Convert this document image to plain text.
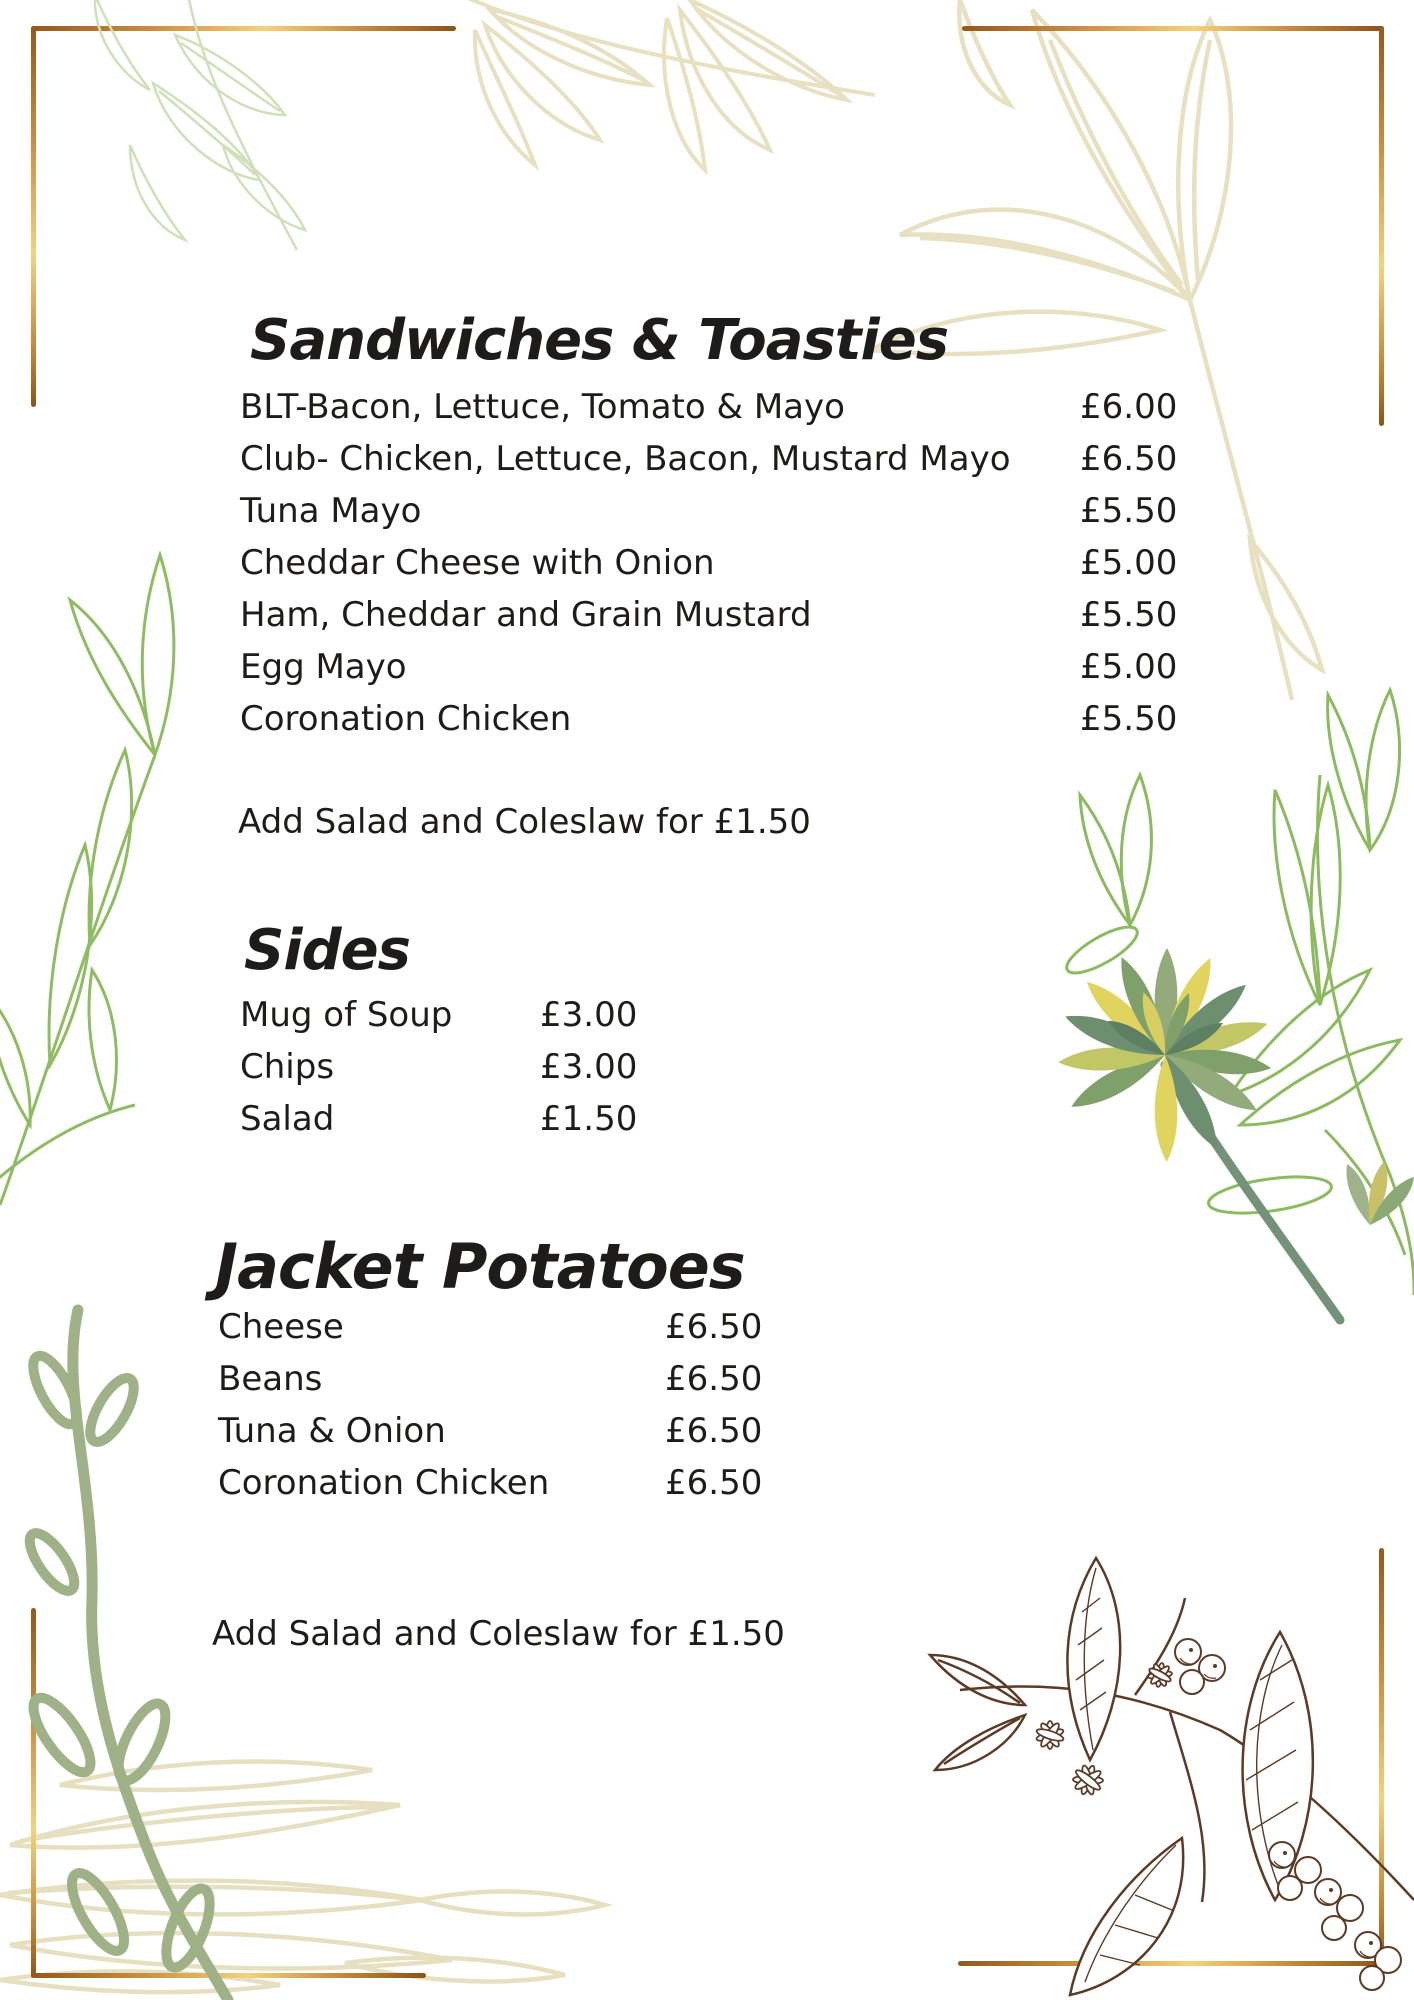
Sandwiches & Toasties
BLT-Bacon, Lettuce, Tomato & Mayo	£6.00
Club- Chicken, Lettuce, Bacon, Mustard Mayo £6.50
Tuna Mayo	£5.50
Cheddar Cheese with Onion	£5.00
Ham, Cheddar and Grain Mustard	£5.50
Egg Mayo	£5.00
Coronation Chicken	£5.50

Add Salad and Coleslaw for £1.50

Sides
Mug of Soup	£3.00
Chips	£3.00
Salad	£1.50
Jacket Potatoes
Cheese	£6.50
Beans	£6.50
Tuna & Onion	£6.50
Coronation Chicken	£6.50

Add Salad and Coleslaw for £1.50
